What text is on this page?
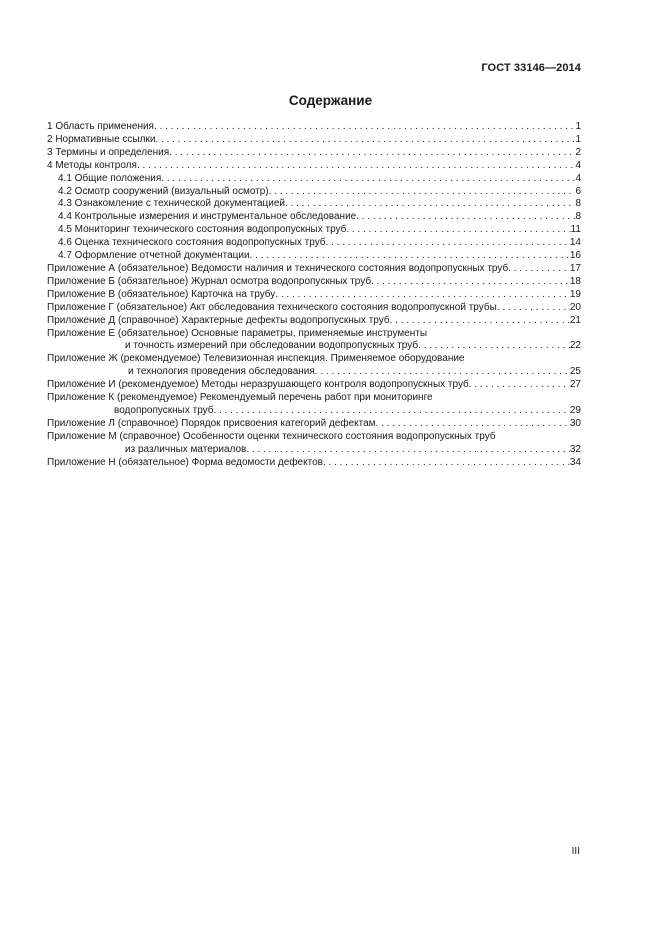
ГОСТ 33146—2014
Содержание
1 Область применения . . .	1
2 Нормативные ссылки . . .	1
3 Термины и определения . . .	2
4 Методы контроля . . .	4
4.1 Общие положения . . .	4
4.2 Осмотр сооружений (визуальный осмотр) . . .	6
4.3 Ознакомление с технической документацией . . .	8
4.4 Контрольные измерения и инструментальное обследование . . .	8
4.5 Мониторинг технического состояния водопропускных труб . . .	11
4.6 Оценка технического состояния водопропускных труб . . .	14
4.7 Оформление отчетной документации . . .	16
Приложение А (обязательное) Ведомости наличия и технического состояния водопропускных труб . . .	17
Приложение Б (обязательное) Журнал осмотра водопропускных труб . . .	18
Приложение В (обязательное) Карточка на трубу . . .	19
Приложение Г (обязательное) Акт обследования технического состояния водопропускной трубы . . .	20
Приложение Д (справочное) Характерные дефекты водопропускных труб . . .	21
Приложение Е (обязательное) Основные параметры, применяемые инструменты
и точность измерений при обследовании водопропускных труб . . .	22
Приложение Ж (рекомендуемое) Телевизионная инспекция. Применяемое оборудование
и технология проведения обследования . . .	25
Приложение И (рекомендуемое) Методы неразрушающего контроля водопропускных труб . . .	27
Приложение К (рекомендуемое) Рекомендуемый перечень работ при мониторинге
водопропускных труб . . .	29
Приложение Л (справочное) Порядок присвоения категорий дефектам . . .	30
Приложение М (справочное) Особенности оценки технического состояния водопропускных труб
из различных материалов . . .	32
Приложение Н (обязательное) Форма ведомости дефектов . . .	34
III
